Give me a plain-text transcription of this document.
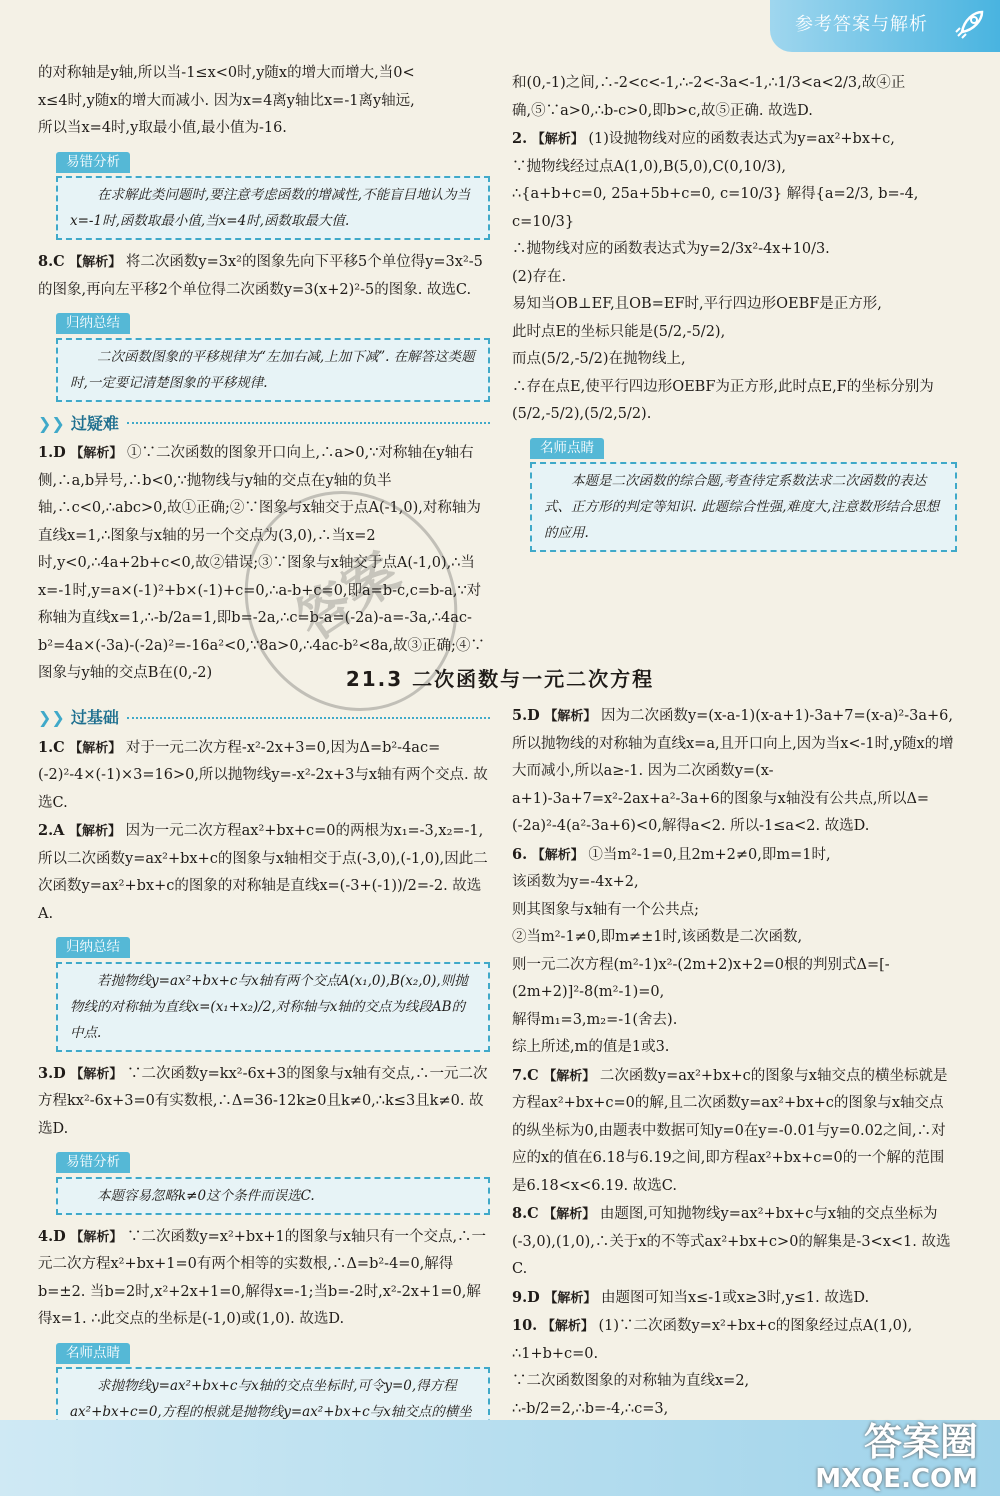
参考答案与解析

的对称轴是y轴,所以当-1≤x<0时,y随x的增大而增大,当0<

x≤4时,y随x的增大而减小. 因为x=4离y轴比x=-1离y轴远,

所以当x=4时,y取最小值,最小值为-16.

易错分析
在求解此类问题时,要注意考虑函数的增减性,不能盲目地认为当x=-1时,函数取最小值,当x=4时,函数取最大值.

8.C 【解析】 将二次函数y=3x²的图象先向下平移5个单位得y=3x²-5的图象,再向左平移2个单位得二次函数y=3(x+2)²-5的图象. 故选C.

归纳总结
二次函数图象的平移规律为“左加右减,上加下减”. 在解答这类题时,一定要记清楚图象的平移规律.
❯❯ 过疑难

1.D 【解析】 ①∵二次函数的图象开口向上,∴a>0,∵对称轴在y轴右侧,∴a,b异号,∴b<0,∵抛物线与y轴的交点在y轴的负半轴,∴c<0,∴abc>0,故①正确;②∵图象与x轴交于点A(-1,0),对称轴为直线x=1,∴图象与x轴的另一个交点为(3,0),∴当x=2时,y<0,∴4a+2b+c<0,故②错误;③∵图象与x轴交于点A(-1,0),∴当x=-1时,y=a×(-1)²+b×(-1)+c=0,∴a-b+c=0,即a=b-c,c=b-a,∵对称轴为直线x=1,∴-b/2a=1,即b=-2a,∴c=b-a=(-2a)-a=-3a,∴4ac-b²=4a×(-3a)-(-2a)²=-16a²<0,∵8a>0,∴4ac-b²<8a,故③正确;④∵图象与y轴的交点B在(0,-2)

和(0,-1)之间,∴-2<c<-1,∴-2<-3a<-1,∴1/3<a<2/3,故④正确,⑤∵a>0,∴b-c>0,即b>c,故⑤正确. 故选D.

2. 【解析】 (1)设抛物线对应的函数表达式为y=ax²+bx+c,

∵抛物线经过点A(1,0),B(5,0),C(0,10/3),

∴{a+b+c=0, 25a+5b+c=0, c=10/3} 解得{a=2/3, b=-4, c=10/3}

∴抛物线对应的函数表达式为y=2/3x²-4x+10/3.

(2)存在.

易知当OB⊥EF,且OB=EF时,平行四边形OEBF是正方形,

此时点E的坐标只能是(5/2,-5/2),

而点(5/2,-5/2)在抛物线上,

∴存在点E,使平行四边形OEBF为正方形,此时点E,F的坐标分别为(5/2,-5/2),(5/2,5/2).

名师点睛
本题是二次函数的综合题,考查待定系数法求二次函数的表达式、正方形的判定等知识. 此题综合性强,难度大,注意数形结合思想的应用.
21.3 二次函数与一元二次方程
❯❯ 过基础

1.C 【解析】 对于一元二次方程-x²-2x+3=0,因为Δ=b²-4ac=(-2)²-4×(-1)×3=16>0,所以抛物线y=-x²-2x+3与x轴有两个交点. 故选C.

2.A 【解析】 因为一元二次方程ax²+bx+c=0的两根为x₁=-3,x₂=-1,所以二次函数y=ax²+bx+c的图象与x轴相交于点(-3,0),(-1,0),因此二次函数y=ax²+bx+c的图象的对称轴是直线x=(-3+(-1))/2=-2. 故选A.

归纳总结
若抛物线y=ax²+bx+c与x轴有两个交点A(x₁,0),B(x₂,0),则抛物线的对称轴为直线x=(x₁+x₂)/2,对称轴与x轴的交点为线段AB的中点.

3.D 【解析】 ∵二次函数y=kx²-6x+3的图象与x轴有交点,∴一元二次方程kx²-6x+3=0有实数根,∴Δ=36-12k≥0且k≠0,∴k≤3且k≠0. 故选D.

易错分析
本题容易忽略k≠0这个条件而误选C.

4.D 【解析】 ∵二次函数y=x²+bx+1的图象与x轴只有一个交点,∴一元二次方程x²+bx+1=0有两个相等的实数根,∴Δ=b²-4=0,解得b=±2. 当b=2时,x²+2x+1=0,解得x=-1;当b=-2时,x²-2x+1=0,解得x=1. ∴此交点的坐标是(-1,0)或(1,0). 故选D.

名师点睛
求抛物线y=ax²+bx+c与x轴的交点坐标时,可令y=0,得方程ax²+bx+c=0,方程的根就是抛物线y=ax²+bx+c与x轴交点的横坐

5.D 【解析】 因为二次函数y=(x-a-1)(x-a+1)-3a+7=(x-a)²-3a+6,所以抛物线的对称轴为直线x=a,且开口向上,因为当x<-1时,y随x的增大而减小,所以a≥-1. 因为二次函数y=(x-a+1)-3a+7=x²-2ax+a²-3a+6的图象与x轴没有公共点,所以Δ=(-2a)²-4(a²-3a+6)<0,解得a<2. 所以-1≤a<2. 故选D.

6. 【解析】 ①当m²-1=0,且2m+2≠0,即m=1时,

该函数为y=-4x+2,

则其图象与x轴有一个公共点;

②当m²-1≠0,即m≠±1时,该函数是二次函数,

则一元二次方程(m²-1)x²-(2m+2)x+2=0根的判别式Δ=[-(2m+2)]²-8(m²-1)=0,

解得m₁=3,m₂=-1(舍去).

综上所述,m的值是1或3.

7.C 【解析】 二次函数y=ax²+bx+c的图象与x轴交点的横坐标就是方程ax²+bx+c=0的解,且二次函数y=ax²+bx+c的图象与x轴交点的纵坐标为0,由题表中数据可知y=0在y=-0.01与y=0.02之间,∴对应的x的值在6.18与6.19之间,即方程ax²+bx+c=0的一个解的范围是6.18<x<6.19. 故选C.

8.C 【解析】 由题图,可知抛物线y=ax²+bx+c与x轴的交点坐标为(-3,0),(1,0),∴关于x的不等式ax²+bx+c>0的解集是-3<x<1. 故选C.

9.D 【解析】 由题图可知当x≤-1或x≥3时,y≤1. 故选D.

10. 【解析】 (1)∵二次函数y=x²+bx+c的图象经过点A(1,0),

∴1+b+c=0.

∵二次函数图象的对称轴为直线x=2,

∴-b/2=2,∴b=-4,∴c=3,

答案
答案圈
MXQE.COM
